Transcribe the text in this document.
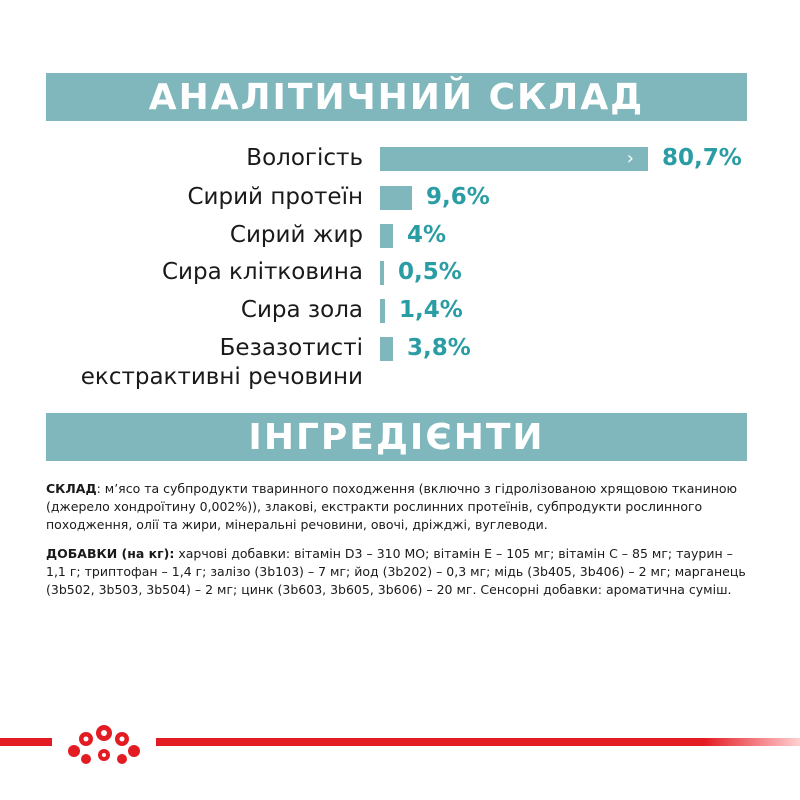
АНАЛІТИЧНИЙ СКЛАД
Вологість	› 80,7%
Сирий протеїн	9,6%
Сирий жир 4%
Сира клітковина 0,5%
Сира зола 1,4%
Безазотисті
екстрактивні речовини
3,8%
ІНГРЕДІЄНТИ

СКЛАД: м’ясо та субпродукти тваринного походження (включно з гідролізованою хрящовою тканиною (джерело хондроїтину 0,002%)), злакові, екстракти рослинних протеїнів, субпродукти рослинного походження, олії та жири, мінеральні речовини, овочі, дріжджі, вуглеводи.

ДОБАВКИ (на кг): харчові добавки: вітамін D3 – 310 МО; вітамін Е – 105 мг; вітамін С – 85 мг; таурин – 1,1 г; триптофан – 1,4 г; залізо (3b103) – 7 мг; йод (3b202) – 0,3 мг; мідь (3b405, 3b406) – 2 мг; марганець (3b502, 3b503, 3b504) – 2 мг; цинк (3b603, 3b605, 3b606) – 20 мг. Сенсорні добавки: ароматична суміш.
